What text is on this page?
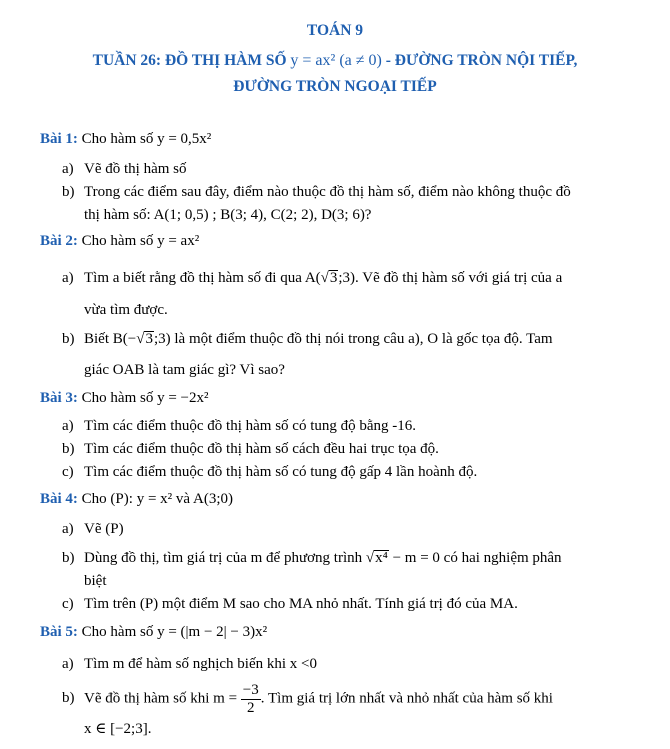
TOÁN 9
TUẦN 26: ĐỒ THỊ HÀM SỐ y = ax² (a ≠ 0) - ĐƯỜNG TRÒN NỘI TIẾP,
ĐƯỜNG TRÒN NGOẠI TIẾP
Bài 1: Cho hàm số y = 0,5x²
a) Vẽ đồ thị hàm số
b) Trong các điểm sau đây, điểm nào thuộc đồ thị hàm số, điểm nào không thuộc đồ
thị hàm số: A(1; 0,5) ; B(3; 4), C(2; 2), D(3; 6)?
Bài 2: Cho hàm số y = ax²
a) Tìm a biết rằng đồ thị hàm số đi qua A(√3;3). Vẽ đồ thị hàm số với giá trị của a
vừa tìm được.
b) Biết B(−√3;3) là một điểm thuộc đồ thị nói trong câu a), O là gốc tọa độ. Tam
giác OAB là tam giác gì? Vì sao?
Bài 3: Cho hàm số y = −2x²
a) Tìm các điểm thuộc đồ thị hàm số có tung độ bằng -16.
b) Tìm các điểm thuộc đồ thị hàm số cách đều hai trục tọa độ.
c) Tìm các điểm thuộc đồ thị hàm số có tung độ gấp 4 lần hoành độ.
Bài 4: Cho (P): y = x² và A(3;0)
a) Vẽ (P)
b) Dùng đồ thị, tìm giá trị của m để phương trình √x⁴ − m = 0 có hai nghiệm phân
biệt
c) Tìm trên (P) một điểm M sao cho MA nhỏ nhất. Tính giá trị đó của MA.
Bài 5: Cho hàm số y = (|m − 2| − 3)x²
a) Tìm m để hàm số nghịch biến khi x <0
b) Vẽ đồ thị hàm số khi $m = \frac{-3}{2}$ . Tìm giá trị lớn nhất và nhỏ nhất của hàm số khi
x ∈ [−2;3].
